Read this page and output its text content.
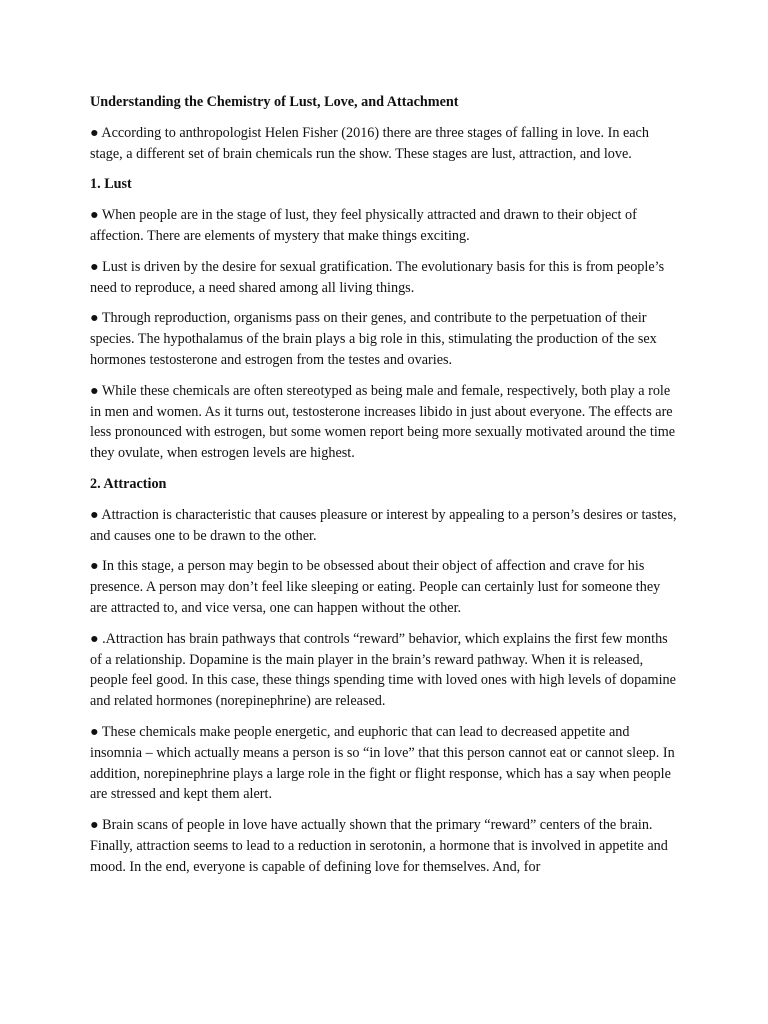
Understanding the Chemistry of Lust, Love, and Attachment

● According to anthropologist Helen Fisher (2016) there are three stages of falling in love. In each stage, a different set of brain chemicals run the show. These stages are lust, attraction, and love.

1. Lust

● When people are in the stage of lust, they feel physically attracted and drawn to their object of affection. There are elements of mystery that make things exciting.

● Lust is driven by the desire for sexual gratification. The evolutionary basis for this is from people’s need to reproduce, a need shared among all living things.

● Through reproduction, organisms pass on their genes, and contribute to the perpetuation of their species. The hypothalamus of the brain plays a big role in this, stimulating the production of the sex hormones testosterone and estrogen from the testes and ovaries.

● While these chemicals are often stereotyped as being male and female, respectively, both play a role in men and women. As it turns out, testosterone increases libido in just about everyone. The effects are less pronounced with estrogen, but some women report being more sexually motivated around the time they ovulate, when estrogen levels are highest.

2. Attraction

● Attraction is characteristic that causes pleasure or interest by appealing to a person’s desires or tastes, and causes one to be drawn to the other.

● In this stage, a person may begin to be obsessed about their object of affection and crave for his presence. A person may don’t feel like sleeping or eating. People can certainly lust for someone they are attracted to, and vice versa, one can happen without the other.

● .Attraction has brain pathways that controls “reward” behavior, which explains the first few months of a relationship. Dopamine is the main player in the brain’s reward pathway. When it is released, people feel good. In this case, these things spending time with loved ones with high levels of dopamine and related hormones (norepinephrine) are released.

● These chemicals make people energetic, and euphoric that can lead to decreased appetite and insomnia – which actually means a person is so “in love” that this person cannot eat or cannot sleep. In addition, norepinephrine plays a large role in the fight or flight response, which has a say when people are stressed and kept them alert.

● Brain scans of people in love have actually shown that the primary “reward” centers of the brain. Finally, attraction seems to lead to a reduction in serotonin, a hormone that is involved in appetite and mood. In the end, everyone is capable of defining love for themselves. And, for
